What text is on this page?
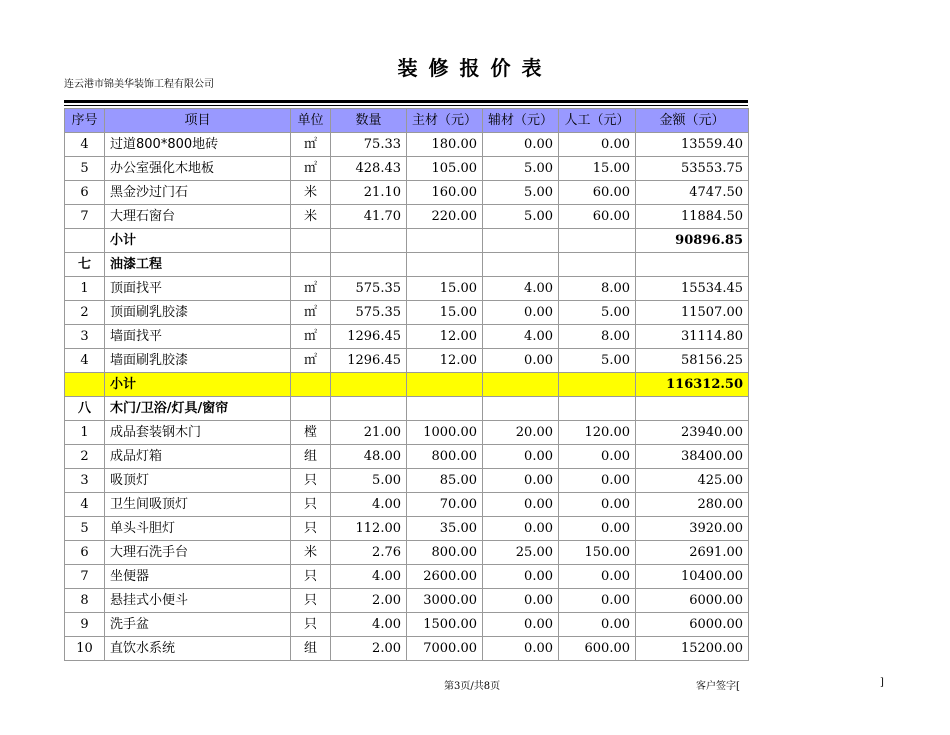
装修报价表
连云港市锦美华装饰工程有限公司
序号	项目	单位	数量	主材（元）	辅材（元）	人工（元）	金额（元）
4	过道800*800地砖	㎡	75.33	180.00	0.00	0.00	13559.40
5	办公室强化木地板	㎡	428.43	105.00	5.00	15.00	53553.75
6	黑金沙过门石	米	21.10	160.00	5.00	60.00	4747.50
7	大理石窗台	米	41.70	220.00	5.00	60.00	11884.50
	小计						90896.85
七	油漆工程						
1	顶面找平	㎡	575.35	15.00	4.00	8.00	15534.45
2	顶面刷乳胶漆	㎡	575.35	15.00	0.00	5.00	11507.00
3	墙面找平	㎡	1296.45	12.00	4.00	8.00	31114.80
4	墙面刷乳胶漆	㎡	1296.45	12.00	0.00	5.00	58156.25
	小计						116312.50
八	木门/卫浴/灯具/窗帘						
1	成品套装钢木门	樘	21.00	1000.00	20.00	120.00	23940.00
2	成品灯箱	组	48.00	800.00	0.00	0.00	38400.00
3	吸顶灯	只	5.00	85.00	0.00	0.00	425.00
4	卫生间吸顶灯	只	4.00	70.00	0.00	0.00	280.00
5	单头斗胆灯	只	112.00	35.00	0.00	0.00	3920.00
6	大理石洗手台	米	2.76	800.00	25.00	150.00	2691.00
7	坐便器	只	4.00	2600.00	0.00	0.00	10400.00
8	悬挂式小便斗	只	2.00	3000.00	0.00	0.00	6000.00
9	洗手盆	只	4.00	1500.00	0.00	0.00	6000.00
10	直饮水系统	组	2.00	7000.00	0.00	600.00	15200.00
第3页/共8页	客户签字[	]
